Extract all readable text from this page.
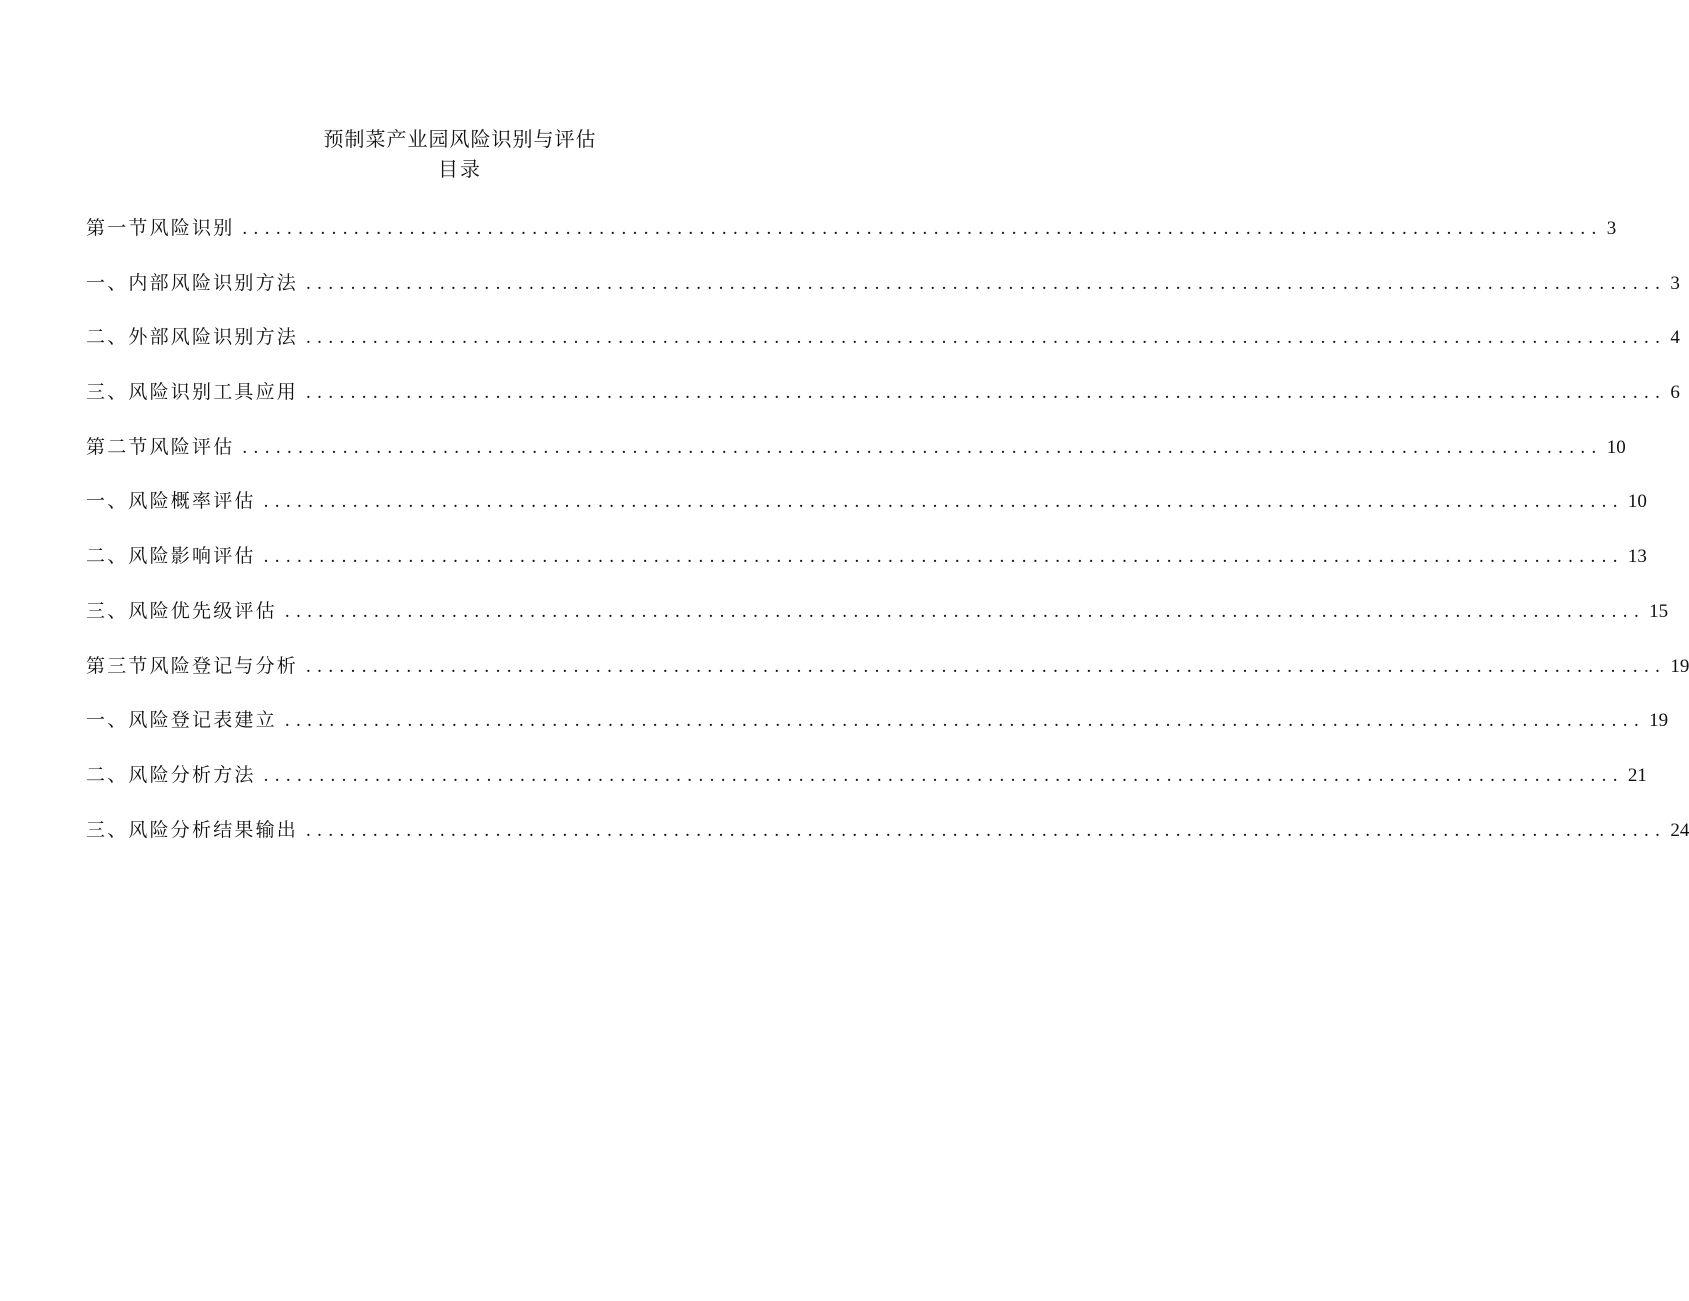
预制菜产业园风险识别与评估
目录
第一节风险识别 .......................................................................................................................... 3
一、内部风险识别方法 .......................................................................................................................... 3
二、外部风险识别方法 .......................................................................................................................... 4
三、风险识别工具应用 .......................................................................................................................... 6
第二节风险评估 .......................................................................................................................... 10
一、风险概率评估 .......................................................................................................................... 10
二、风险影响评估 .......................................................................................................................... 13
三、风险优先级评估 .......................................................................................................................... 15
第三节风险登记与分析 .......................................................................................................................... 19
一、风险登记表建立 .......................................................................................................................... 19
二、风险分析方法 .......................................................................................................................... 21
三、风险分析结果输出 .......................................................................................................................... 24
